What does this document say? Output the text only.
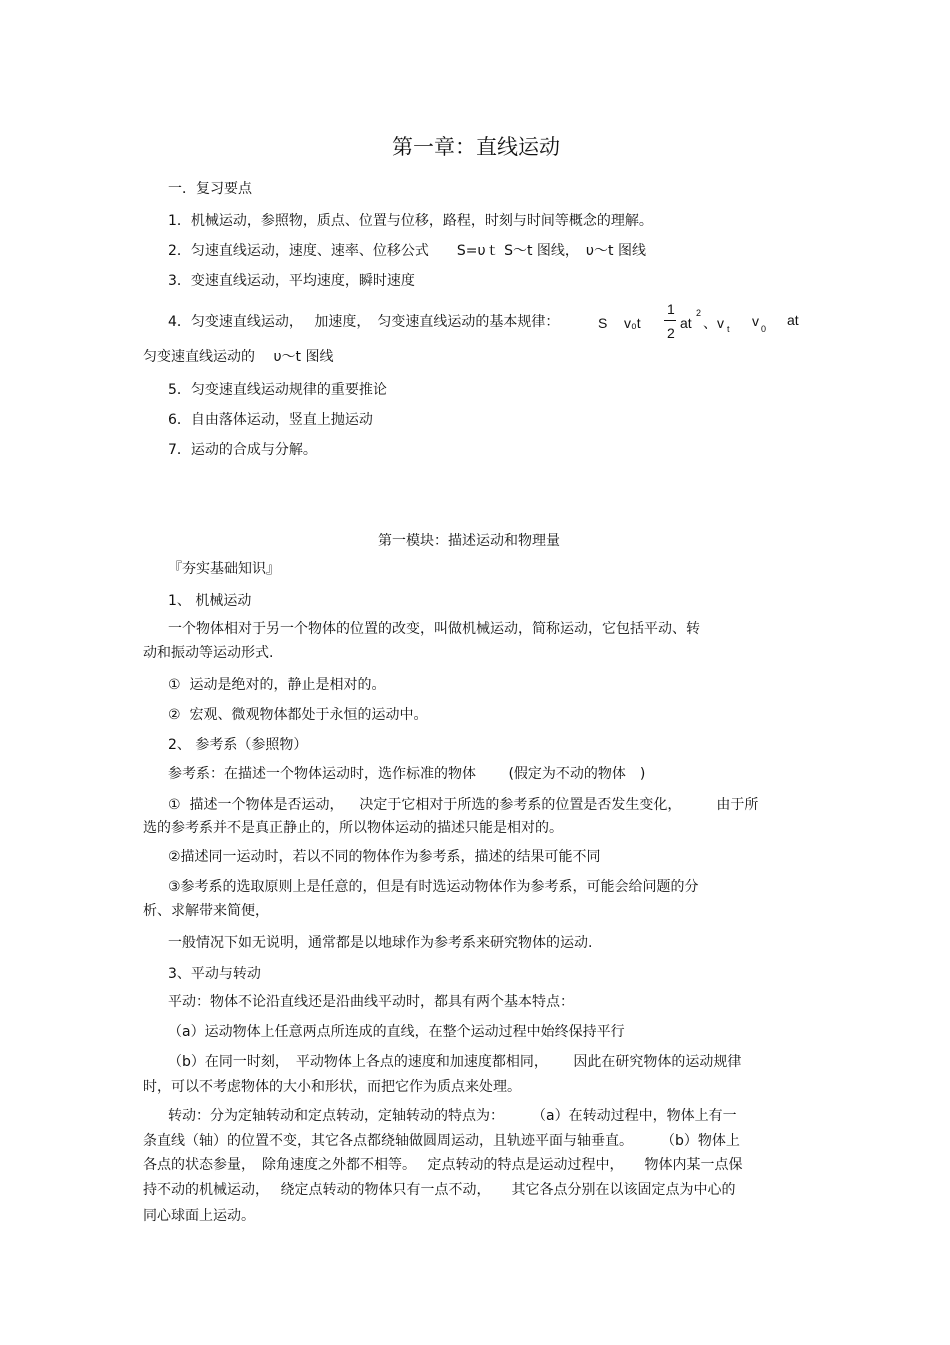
第一章：直线运动
一．复习要点
1．机械运动，参照物，质点、位置与位移，路程，时刻与时间等概念的理解。
2．匀速直线运动，速度、速率、位移公式　　S=υｔ S～t 图线，　υ～t 图线
3．变速直线运动，平均速度，瞬时速度
4．匀变速直线运动，　 加速度，　匀变速直线运动的基本规律：	S v₀t
1
2
at
2
、v t v 0
at
匀变速直线运动的　 υ～t 图线
5．匀变速直线运动规律的重要推论
6．自由落体运动，竖直上抛运动
7．运动的合成与分解。
第一模块：描述运动和物理量
『夯实基础知识』
1、 机械运动
一个物体相对于另一个物体的位置的改变，叫做机械运动，简称运动，它包括平动、转
动和振动等运动形式.
①  运动是绝对的，静止是相对的。
②  宏观、微观物体都处于永恒的运动中。
2、 参考系（参照物）
参考系：在描述一个物体运动时，选作标准的物体　　 (假定为不动的物体　)
①  描述一个物体是否运动，　  决定于它相对于所选的参考系的位置是否发生变化，　　　由于所
选的参考系并不是真正静止的，所以物体运动的描述只能是相对的。
②描述同一运动时，若以不同的物体作为参考系，描述的结果可能不同
③参考系的选取原则上是任意的，但是有时选运动物体作为参考系，可能会给问题的分
析、求解带来简便，
一般情况下如无说明，通常都是以地球作为参考系来研究物体的运动.
3、平动与转动
平动：物体不论沿直线还是沿曲线平动时，都具有两个基本特点：
（a）运动物体上任意两点所连成的直线，在整个运动过程中始终保持平行
（b）在同一时刻，　平动物体上各点的速度和加速度都相同，　　 因此在研究物体的运动规律
时，可以不考虑物体的大小和形状，而把它作为质点来处理。
转动：分为定轴转动和定点转动，定轴转动的特点为：　　　（a）在转动过程中，物体上有一
条直线（轴）的位置不变，其它各点都绕轴做圆周运动，且轨迹平面与轴垂直。　　　（b）物体上
各点的状态参量，　除角速度之外都不相等。　 定点转动的特点是运动过程中，　　物体内某一点保
持不动的机械运动，　 绕定点转动的物体只有一点不动，　　其它各点分别在以该固定点为中心的
同心球面上运动。
